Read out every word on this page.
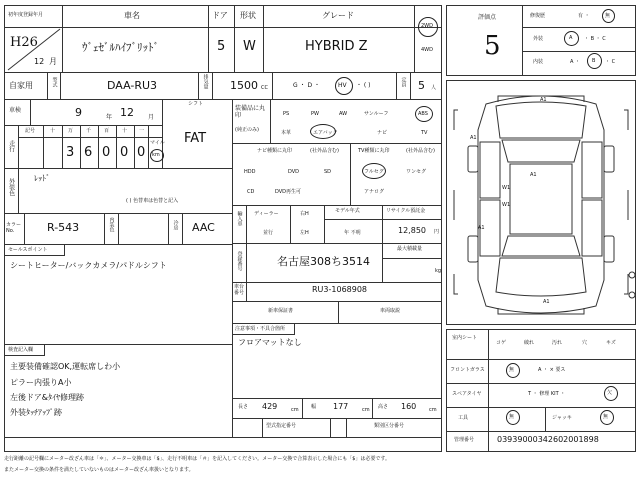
初年度登録年月	車名	ドア 形状	グレード
H26
12 月
ｳﾞｪｾﾞﾙﾊｲﾌﾞﾘｯﾄﾞ	5 W	HYBRID Z
2WD
4WD
自家用	型式	DAA-RU3	排気量 1500 CC	G ・ D ・	HV ・ ( )	定員 5 人
車検	9	年 12 月
シフト
FAT
走行
記号	十	万	千	百	十 一
3 6 0 0 0
マイル
km
外装色 ﾚｯﾄﾞ
( ) 色替車は色替と記入
カラーNo.	R-543	内装色	冷房 AAC
セールスポイント
シートヒーター/バックカメラ/パドルシフト
検査記入欄
主要装備確認OK,運転席しわ小
ピラー内張りA小
左後ドア&ﾀｲﾔ修理跡
外装ﾀｯﾁｱｯﾌﾟ跡
装備品に丸印
(純正のみ)
PS	PW	AW	サンルーフ	ABS
本革	エアバック	ナビ	TV
ナビ種類に丸印	(社外品含む)
HDD	DVD	SD
CD	DVD再生可
TV種類に丸印	(社外品含む)
フルセグ	ワンセグ
アナログ
輸入車 ディーラー
並行
右H
左H
モデル年式
年 不明
リサイクル預託金
12,850 円
登録番号	名古屋308ち3514
最大積載量
kg
車台番号	RU3-1068908
新車保証書	車両取説
注意事項・不具合箇所
フロアマットなし
長さ 429	cm 幅 177	cm 高さ 160	cm
型式指定番号	類別区分番号
評価点
5
修復歴	有 ・	無
外装	A ・ B ・ C
内装	A ・ B ・ C
A1
A1
W1
W1
A1
A1
A1
室内シート
コゲ	破れ	汚れ	穴	キズ
フロントガラス	無	A ・ × 要ス
スペアタイヤ	T ・ 修理 KIT ・	欠
工具	無	ジャッキ	無
管理番号	03939000342602001898
走行距離の記号欄にメーター改ざん車は「＊」、メーター交換車は「$」、走行不明車は「＃」を記入してください。メーター交換で合算表示した場合にも「$」は必要です。
またメーター交換の条件を満たしていないものはメーター改ざん車扱いとなります。
